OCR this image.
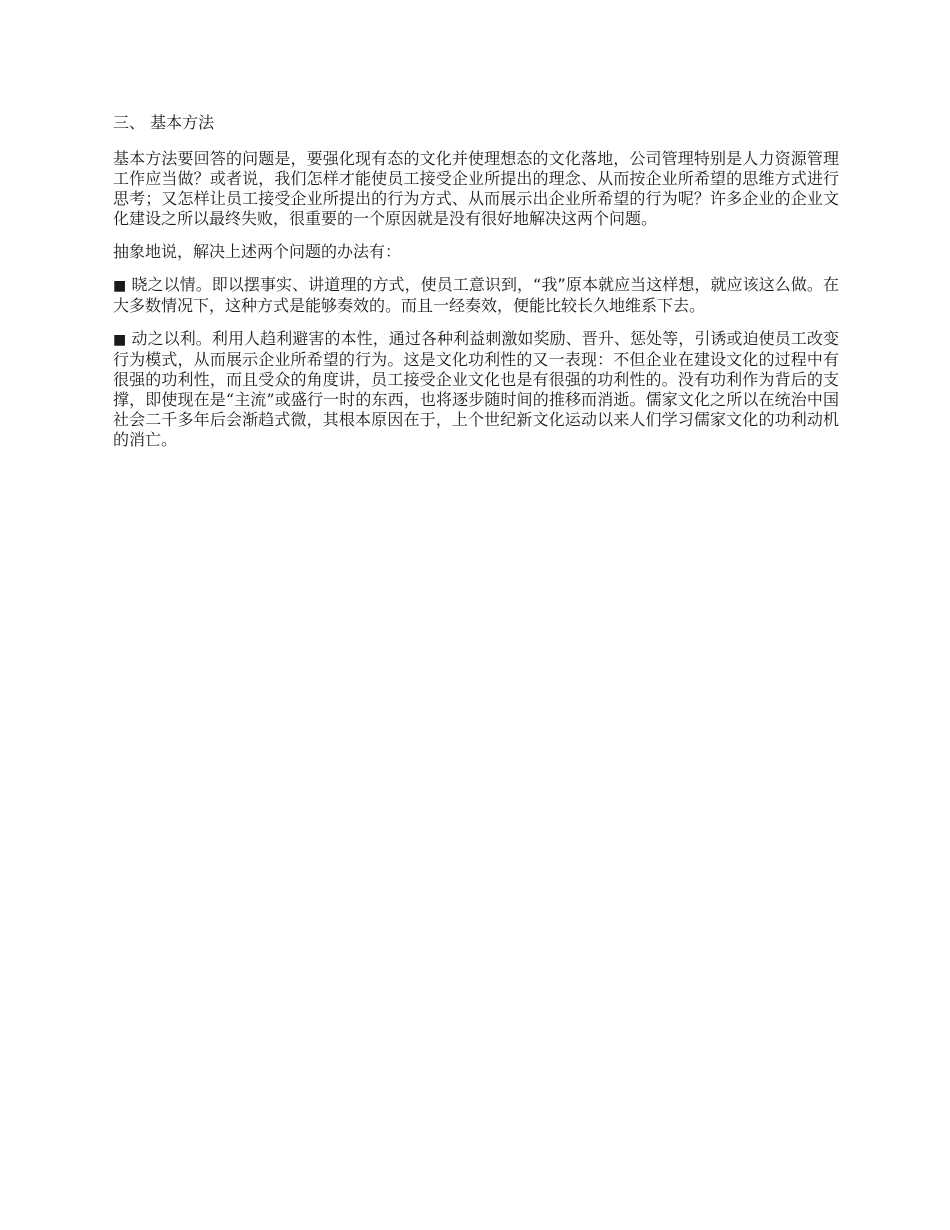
三、 基本方法

基本方法要回答的问题是，要强化现有态的文化并使理想态的文化落地，公司管理特别是人力资源管理工作应当做？或者说，我们怎样才能使员工接受企业所提出的理念、从而按企业所希望的思维方式进行思考；又怎样让员工接受企业所提出的行为方式、从而展示出企业所希望的行为呢？许多企业的企业文化建设之所以最终失败，很重要的一个原因就是没有很好地解决这两个问题。

抽象地说，解决上述两个问题的办法有：

■ 晓之以情。即以摆事实、讲道理的方式，使员工意识到，“我”原本就应当这样想，就应该这么做。在大多数情况下，这种方式是能够奏效的。而且一经奏效，便能比较长久地维系下去。

■ 动之以利。利用人趋利避害的本性，通过各种利益刺激如奖励、晋升、惩处等，引诱或迫使员工改变行为模式，从而展示企业所希望的行为。这是文化功利性的又一表现：不但企业在建设文化的过程中有很强的功利性，而且受众的角度讲，员工接受企业文化也是有很强的功利性的。没有功利作为背后的支撑，即使现在是“主流”或盛行一时的东西，也将逐步随时间的推移而消逝。儒家文化之所以在统治中国社会二千多年后会渐趋式微，其根本原因在于，上个世纪新文化运动以来人们学习儒家文化的功利动机的消亡。
